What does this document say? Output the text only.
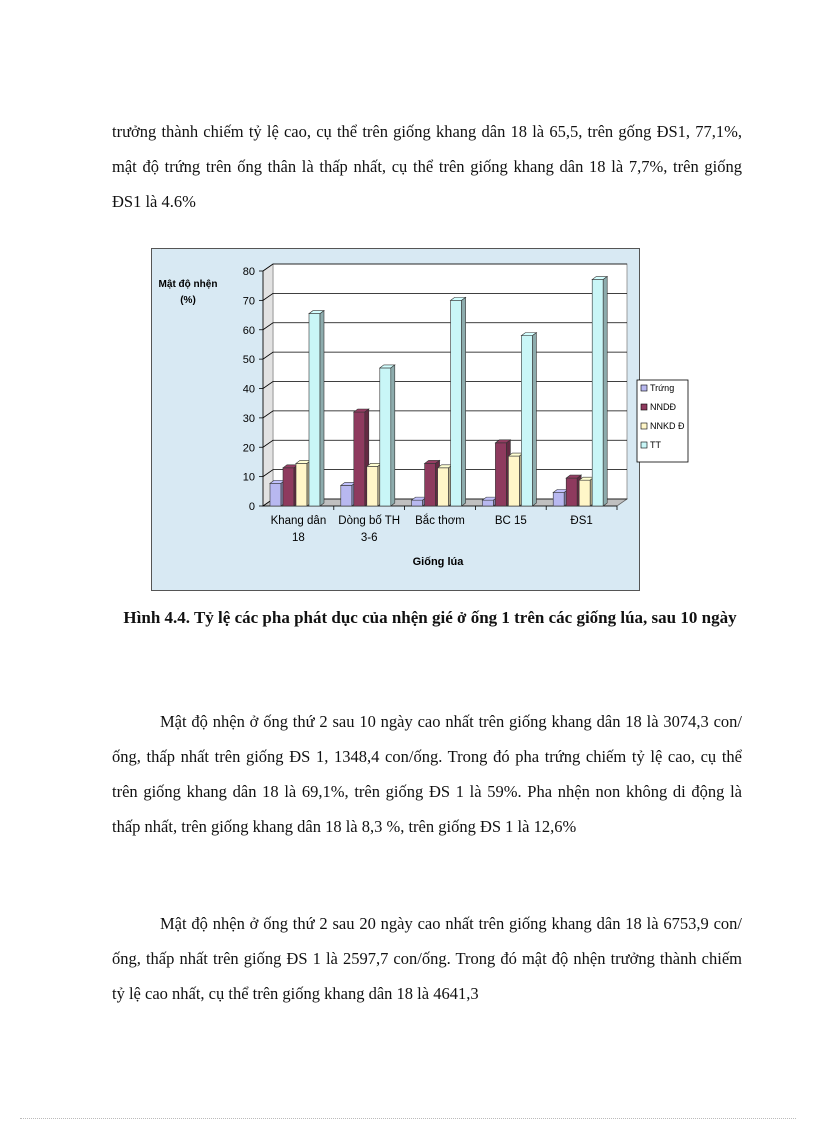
trưởng thành chiếm tỷ lệ cao, cụ thể trên giống khang dân 18 là 65,5, trên gống ĐS1, 77,1%, mật độ trứng trên ống thân là thấp nhất, cụ thể trên giống khang dân 18 là 7,7%, trên giống ĐS1 là 4.6%

0
10
20
30
40
50
60
70
80
Mật độ nhện
(%)
Khang dân
18
Dòng bố TH
3-6
Bắc thơm	BC 15	ĐS1
Giống lúa
Trứng
NNDĐ
NNKD Đ
TT

Hình 4.4. Tỷ lệ các pha phát dục của nhện gié ở ống 1 trên các giống lúa, sau 10 ngày

Mật độ nhện ở ống thứ 2 sau 10 ngày cao nhất trên giống khang dân 18 là 3074,3 con/ống, thấp nhất trên giống ĐS 1, 1348,4 con/ống. Trong đó pha trứng chiếm tỷ lệ cao, cụ thể trên giống khang dân 18 là 69,1%, trên giống ĐS 1 là 59%. Pha nhện non không di động là thấp nhất, trên giống khang dân 18 là 8,3 %, trên giống ĐS 1 là 12,6%

Mật độ nhện ở ống thứ 2 sau 20 ngày cao nhất trên giống khang dân 18 là 6753,9 con/ống, thấp nhất trên giống ĐS 1 là 2597,7 con/ống. Trong đó mật độ nhện trưởng thành chiếm tỷ lệ cao nhất, cụ thể trên giống khang dân 18 là 4641,3
